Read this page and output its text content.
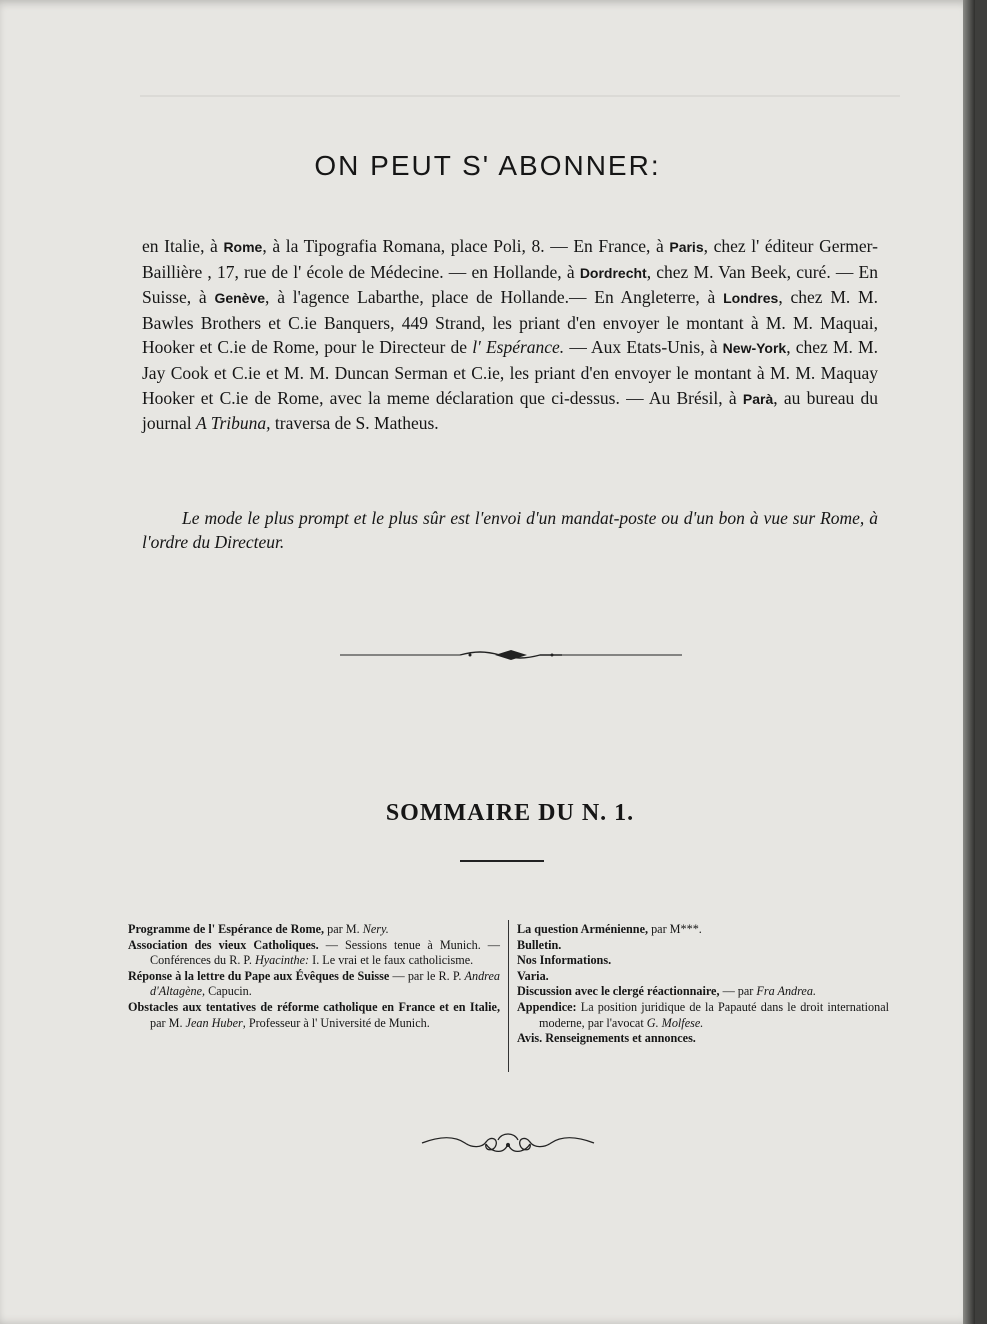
ON PEUT S' ABONNER:

en Italie, à Rome, à la Tipografia Romana, place Poli, 8. — En France, à Paris, chez l' éditeur Germer-Baillière , 17, rue de l' école de Médecine. — en Hollande, à Dordrecht, chez M. Van Beek, curé. — En Suisse, à Genève, à l'agence Labarthe, place de Hollande.— En Angleterre, à Londres, chez M. M. Bawles Brothers et C.ie Banquers, 449 Strand, les priant d'en envoyer le montant à M. M. Maquai, Hooker et C.ie de Rome, pour le Directeur de l' Espérance. — Aux Etats-Unis, à New-York, chez M. M. Jay Cook et C.ie et M. M. Duncan Serman et C.ie, les priant d'en envoyer le montant à M. M. Maquay Hooker et C.ie de Rome, avec la meme déclaration que ci-dessus. — Au Brésil, à Parà, au bureau du journal A Tribuna, traversa de S. Matheus.

Le mode le plus prompt et le plus sûr est l'envoi d'un mandat-poste ou d'un bon à vue sur Rome, à l'ordre du Directeur.

SOMMAIRE DU N. 1.

Programme de l' Espérance de Rome, par M. Nery.

Association des vieux Catholiques. — Sessions tenue à Munich. — Conférences du R. P. Hyacinthe: I. Le vrai et le faux catholicisme.

Réponse à la lettre du Pape aux Évêques de Suisse — par le R. P. Andrea d'Altagène, Capucin.

Obstacles aux tentatives de réforme catholique en France et en Italie, par M. Jean Huber, Professeur à l' Université de Munich.

La question Arménienne, par M***.

Bulletin.

Nos Informations.

Varia.

Discussion avec le clergé réactionnaire, — par Fra Andrea.

Appendice: La position juridique de la Papauté dans le droit international moderne, par l'avocat G. Molfese.

Avis. Renseignements et annonces.
